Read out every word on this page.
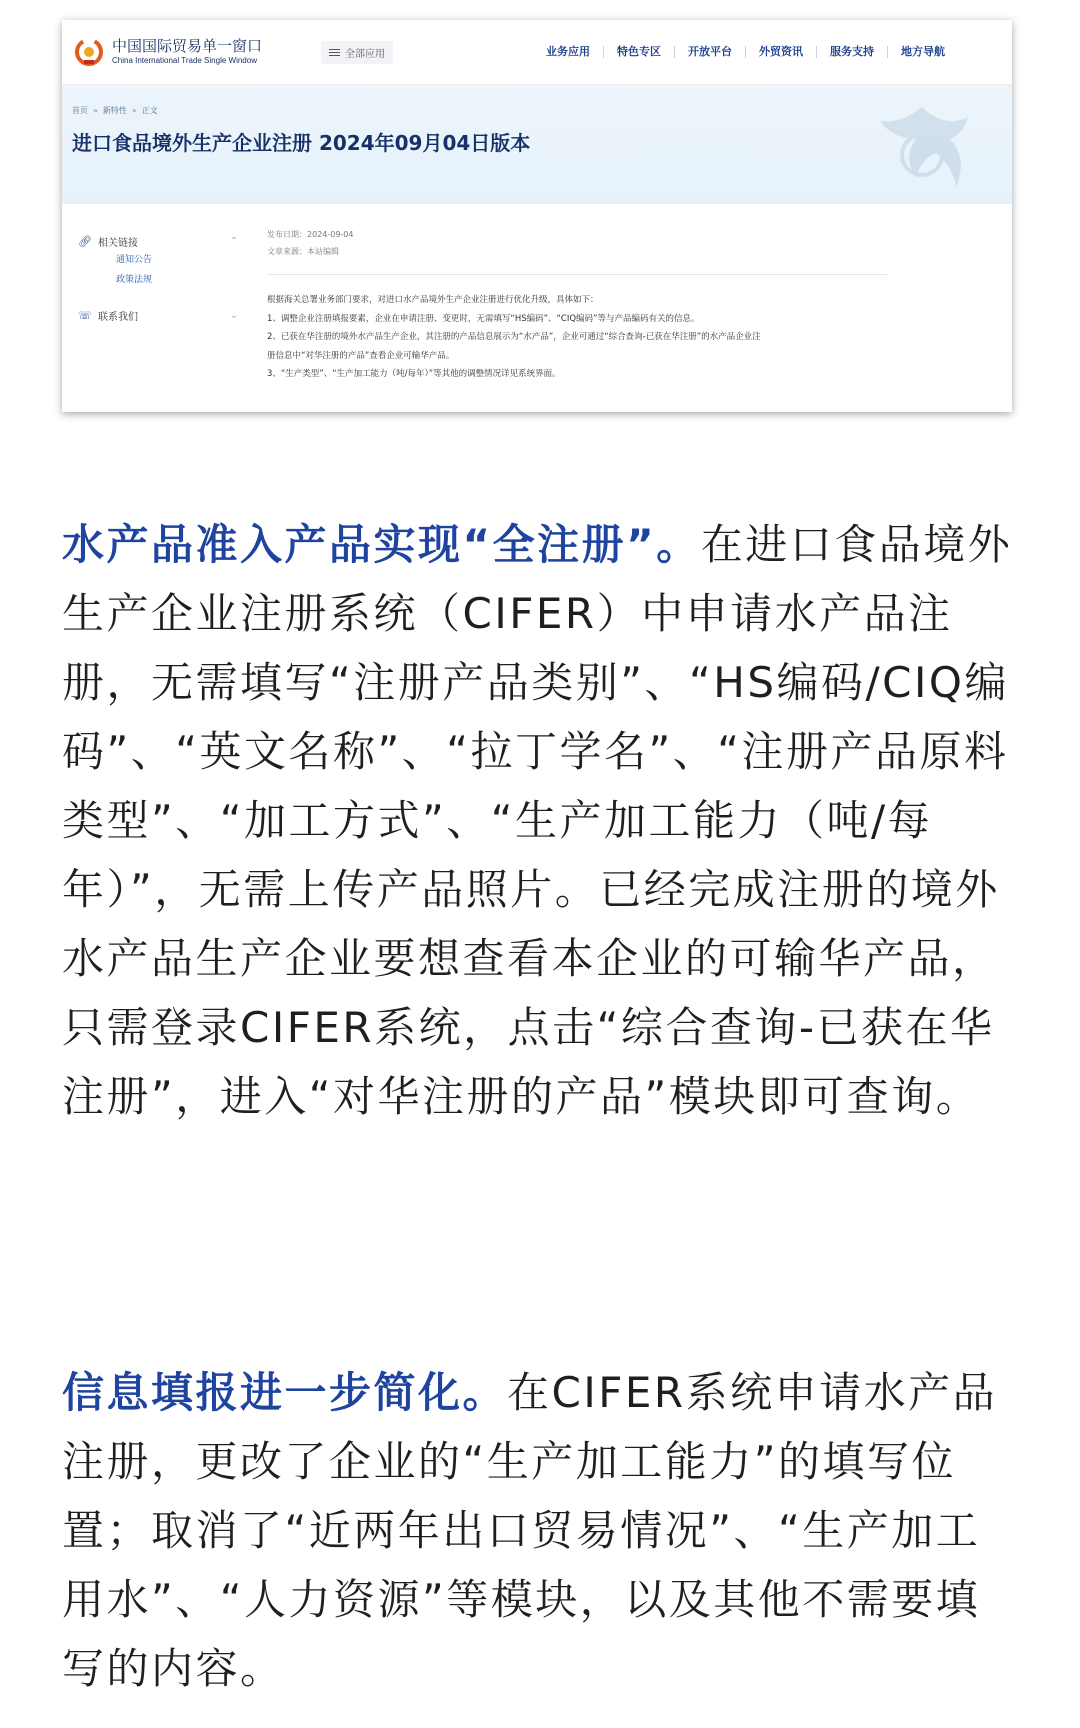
中国国际贸易单一窗口
China International Trade Single Window
全部应用	业务应用	特色专区	开放平台	外贸资讯	服务支持	地方导航
首页 » 新特性 » 正文
进口食品境外生产企业注册 2024年09月04日版本
🔗︎ 相关链接	⌃
通知公告
政策法规
☏ 联系我们	⌄
发布日期：2024-09-04
文章来源：本站编辑

根据海关总署业务部门要求，对进口水产品境外生产企业注册进行优化升级，具体如下：

1、调整企业注册填报要素，企业在申请注册、变更时，无需填写“HS编码”、“CIQ编码”等与产品编码有关的信息。

2、已获在华注册的境外水产品生产企业，其注册的产品信息展示为“水产品”，企业可通过“综合查询-已获在华注册”的水产品企业注

册信息中“对华注册的产品”查看企业可输华产品。

3、“生产类型”、“生产加工能力（吨/每年）”等其他的调整情况详见系统界面。

水产品准入产品实现“全注册”。在进口食品境外生产企业注册系统（CIFER）中申请水产品注册，无需填写“注册产品类别”、“HS编码/CIQ编码”、“英文名称”、“拉丁学名”、“注册产品原料类型”、“加工方式”、“生产加工能力（吨/每年）”，无需上传产品照片。已经完成注册的境外水产品生产企业要想查看本企业的可输华产品，只需登录CIFER系统，点击“综合查询-已获在华注册”，进入“对华注册的产品”模块即可查询。

信息填报进一步简化。在CIFER系统申请水产品注册，更改了企业的“生产加工能力”的填写位置；取消了“近两年出口贸易情况”、“生产加工用水”、“人力资源”等模块，以及其他不需要填写的内容。
